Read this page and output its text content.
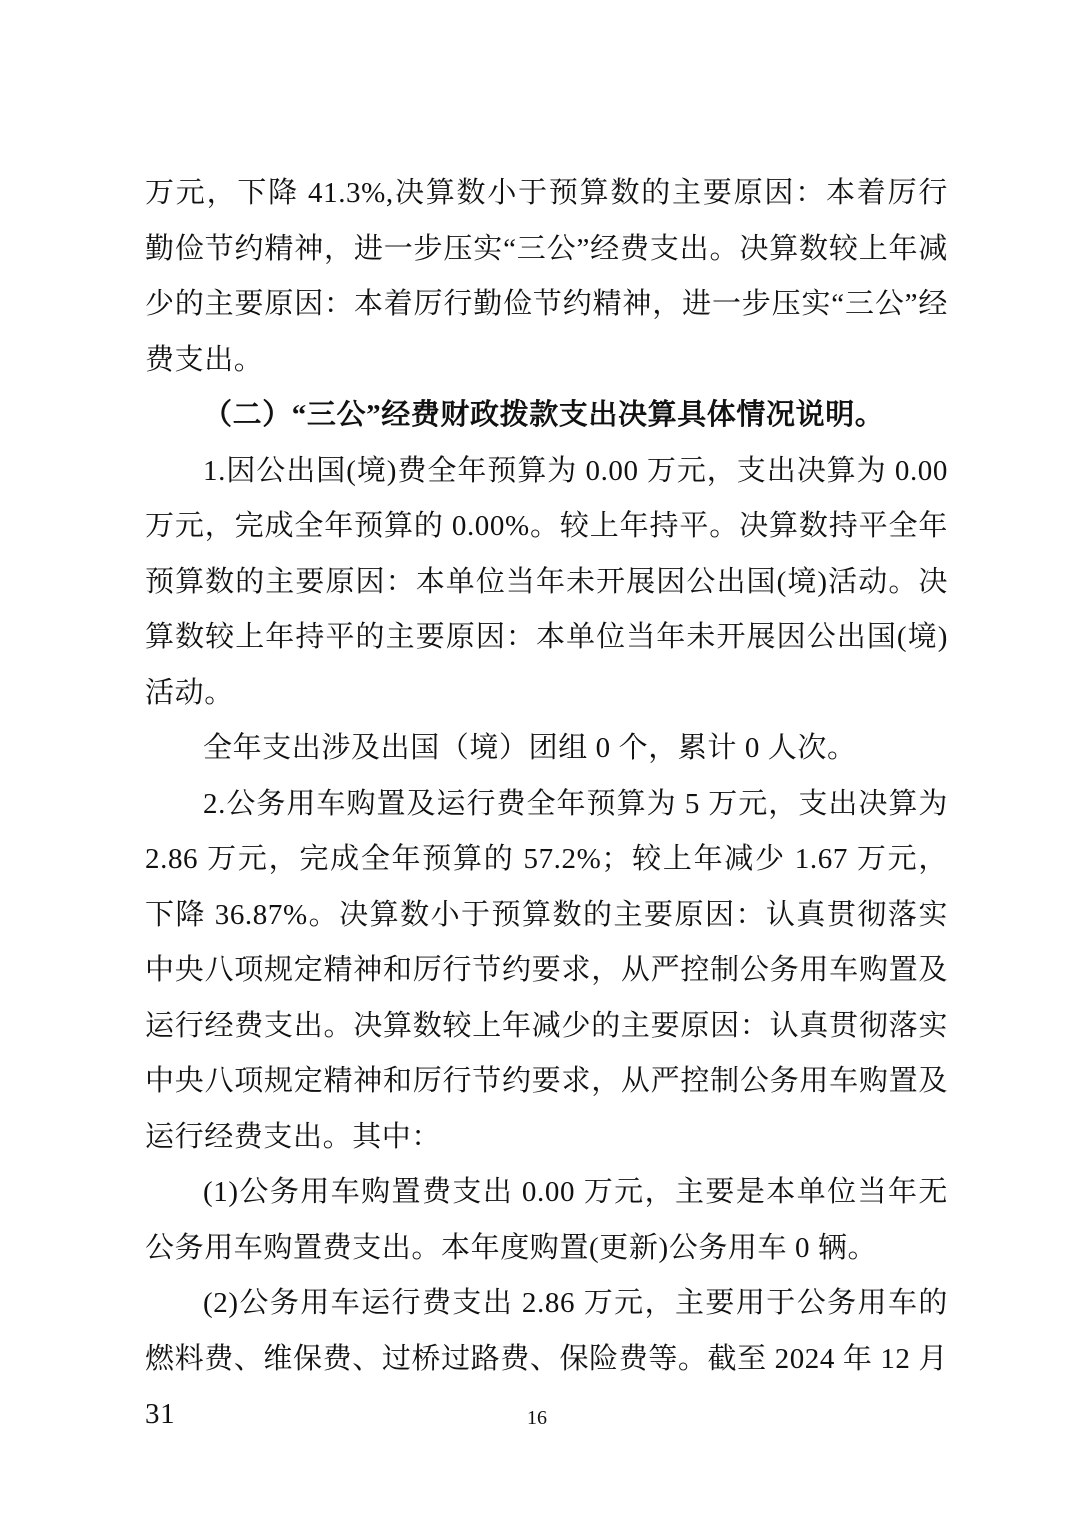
万元，下降 41.3%,决算数小于预算数的主要原因：本着厉行勤俭节约精神，进一步压实“三公”经费支出。决算数较上年减少的主要原因：本着厉行勤俭节约精神，进一步压实“三公”经费支出。

（二）“三公”经费财政拨款支出决算具体情况说明。

1.因公出国(境)费全年预算为 0.00 万元，支出决算为 0.00 万元，完成全年预算的 0.00%。较上年持平。决算数持平全年预算数的主要原因：本单位当年未开展因公出国(境)活动。决算数较上年持平的主要原因：本单位当年未开展因公出国(境)活动。

全年支出涉及出国（境）团组 0 个，累计 0 人次。

2.公务用车购置及运行费全年预算为 5 万元，支出决算为 2.86 万元，完成全年预算的 57.2%；较上年减少 1.67 万元，下降 36.87%。决算数小于预算数的主要原因：认真贯彻落实中央八项规定精神和厉行节约要求，从严控制公务用车购置及运行经费支出。决算数较上年减少的主要原因：认真贯彻落实中央八项规定精神和厉行节约要求，从严控制公务用车购置及运行经费支出。其中：

(1)公务用车购置费支出 0.00 万元，主要是本单位当年无公务用车购置费支出。本年度购置(更新)公务用车 0 辆。

(2)公务用车运行费支出 2.86 万元，主要用于公务用车的燃料费、维保费、过桥过路费、保险费等。截至 2024 年 12 月 31	16
